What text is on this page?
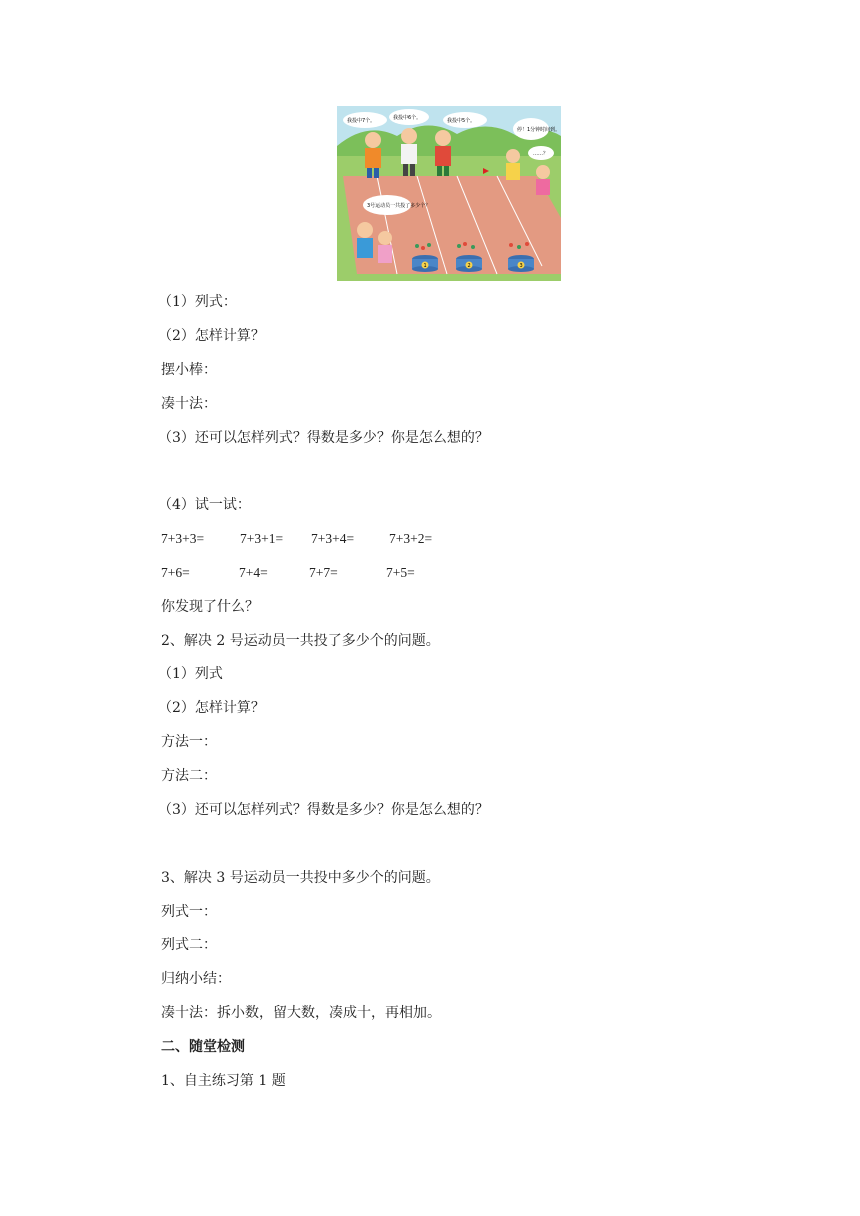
我投中7个。	我投中6个。	我投中5个。
停！1分钟时间到。
……？
3号运动员一共投了多少个？
1	2	3
（1）列式：
（2）怎样计算？
摆小棒：
凑十法：
（3）还可以怎样列式？得数是多少？你是怎么想的？
（4）试一试：
7+3+3=	7+3+1= 7+3+4=	7+3+2=
7+6=	7+4=	7+7=	7+5=
你发现了什么？
2、解决 2 号运动员一共投了多少个的问题。
（1）列式
（2）怎样计算？
方法一：
方法二：
（3）还可以怎样列式？得数是多少？你是怎么想的？
3、解决 3 号运动员一共投中多少个的问题。
列式一：
列式二：
归纳小结：
凑十法：拆小数，留大数，凑成十，再相加。
二、随堂检测
1、自主练习第 1 题
